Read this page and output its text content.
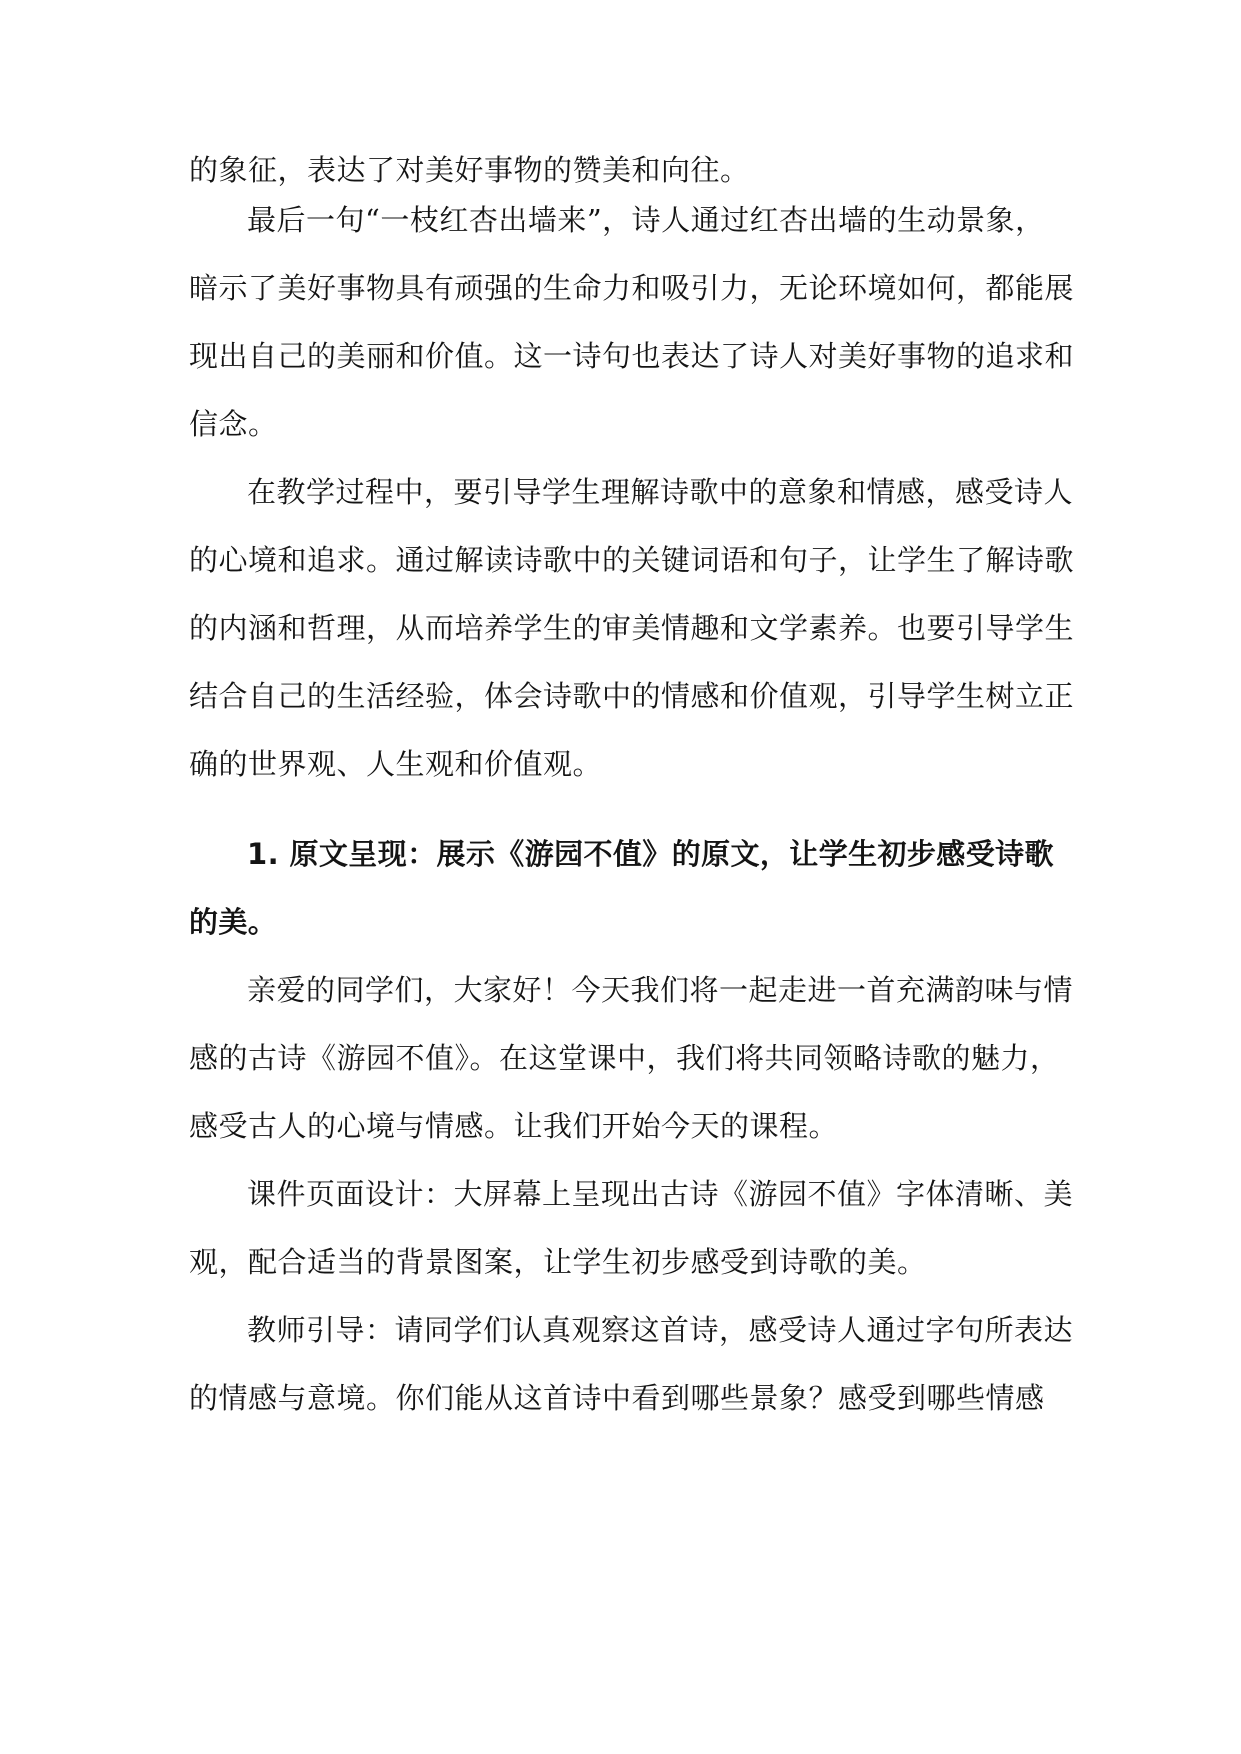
的象征，表达了对美好事物的赞美和向往。
最后一句“一枝红杏出墙来”，诗人通过红杏出墙的生动景象，
暗示了美好事物具有顽强的生命力和吸引力，无论环境如何，都能展
现出自己的美丽和价值。这一诗句也表达了诗人对美好事物的追求和
信念。
在教学过程中，要引导学生理解诗歌中的意象和情感，感受诗人
的心境和追求。通过解读诗歌中的关键词语和句子，让学生了解诗歌
的内涵和哲理，从而培养学生的审美情趣和文学素养。也要引导学生
结合自己的生活经验，体会诗歌中的情感和价值观，引导学生树立正
确的世界观、人生观和价值观。
1. 原文呈现：展示《游园不值》的原文，让学生初步感受诗歌
的美。
亲爱的同学们，大家好！今天我们将一起走进一首充满韵味与情
感的古诗《游园不值》。在这堂课中，我们将共同领略诗歌的魅力，
感受古人的心境与情感。让我们开始今天的课程。
课件页面设计：大屏幕上呈现出古诗《游园不值》字体清晰、美
观，配合适当的背景图案，让学生初步感受到诗歌的美。
教师引导：请同学们认真观察这首诗，感受诗人通过字句所表达
的情感与意境。你们能从这首诗中看到哪些景象？感受到哪些情感
